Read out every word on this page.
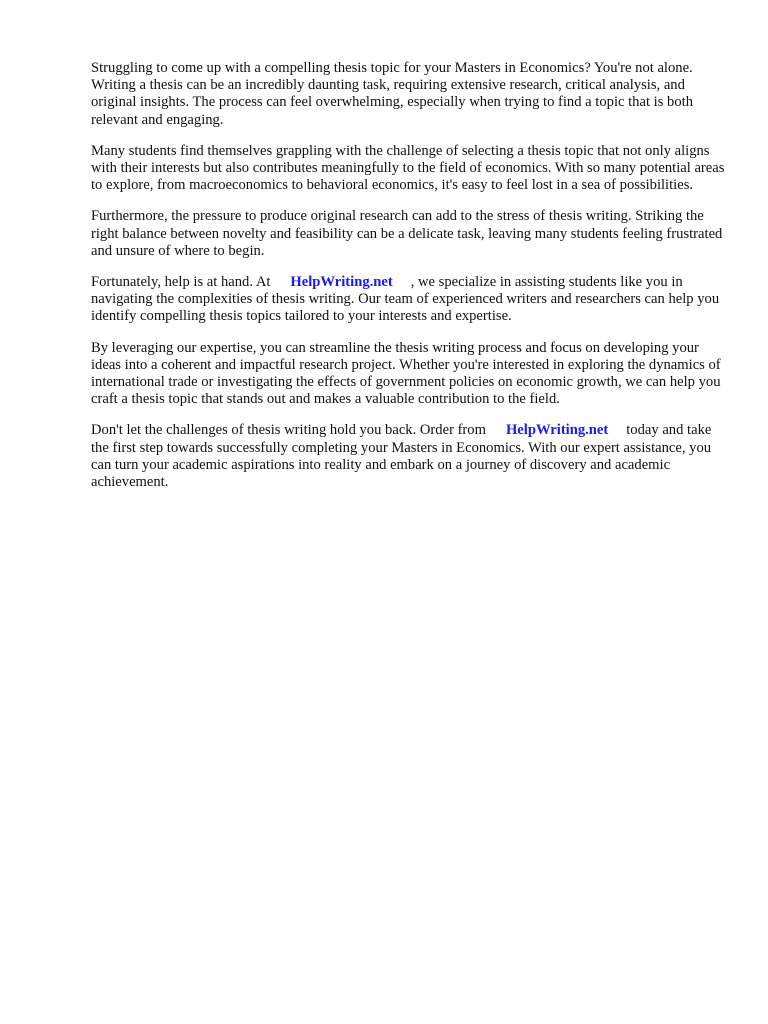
Struggling to come up with a compelling thesis topic for your Masters in Economics? You're not alone. Writing a thesis can be an incredibly daunting task, requiring extensive research, critical analysis, and original insights. The process can feel overwhelming, especially when trying to find a topic that is both relevant and engaging.

Many students find themselves grappling with the challenge of selecting a thesis topic that not only aligns with their interests but also contributes meaningfully to the field of economics. With so many potential areas to explore, from macroeconomics to behavioral economics, it's easy to feel lost in a sea of possibilities.

Furthermore, the pressure to produce original research can add to the stress of thesis writing. Striking the right balance between novelty and feasibility can be a delicate task, leaving many students feeling frustrated and unsure of where to begin.

Fortunately, help is at hand. At HelpWriting.net , we specialize in assisting students like you in navigating the complexities of thesis writing. Our team of experienced writers and researchers can help you identify compelling thesis topics tailored to your interests and expertise.

By leveraging our expertise, you can streamline the thesis writing process and focus on developing your ideas into a coherent and impactful research project. Whether you're interested in exploring the dynamics of international trade or investigating the effects of government policies on economic growth, we can help you craft a thesis topic that stands out and makes a valuable contribution to the field.

Don't let the challenges of thesis writing hold you back. Order from HelpWriting.net today and take the first step towards successfully completing your Masters in Economics. With our expert assistance, you can turn your academic aspirations into reality and embark on a journey of discovery and academic achievement.
